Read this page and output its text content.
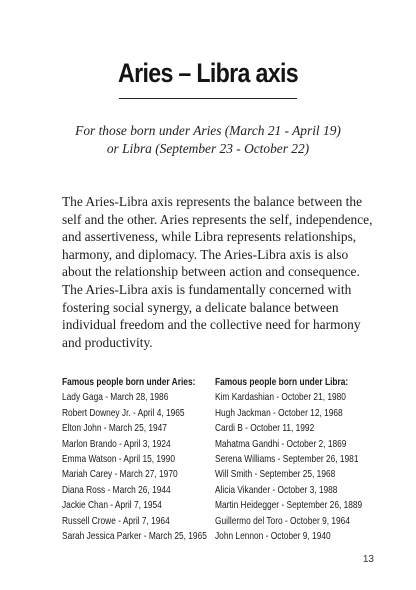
Aries – Libra axis
For those born under Aries (March 21 - April 19)
or Libra (September 23 - October 22)
The Aries-Libra axis represents the balance between the
self and the other. Aries represents the self, independence,
and assertiveness, while Libra represents relationships,
harmony, and diplomacy. The Aries-Libra axis is also
about the relationship between action and consequence.
The Aries-Libra axis is fundamentally concerned with
fostering social synergy, a delicate balance between
individual freedom and the collective need for harmony
and productivity.
Famous people born under Aries:
Lady Gaga - March 28, 1986
Robert Downey Jr. - April 4, 1965
Elton John - March 25, 1947
Marlon Brando - April 3, 1924
Emma Watson - April 15, 1990
Mariah Carey - March 27, 1970
Diana Ross - March 26, 1944
Jackie Chan - April 7, 1954
Russell Crowe - April 7, 1964
Sarah Jessica Parker - March 25, 1965
Famous people born under Libra:
Kim Kardashian - October 21, 1980
Hugh Jackman - October 12, 1968
Cardi B - October 11, 1992
Mahatma Gandhi - October 2, 1869
Serena Williams - September 26, 1981
Will Smith - September 25, 1968
Alicia Vikander - October 3, 1988
Martin Heidegger - September 26, 1889
Guillermo del Toro - October 9, 1964
John Lennon - October 9, 1940
13
